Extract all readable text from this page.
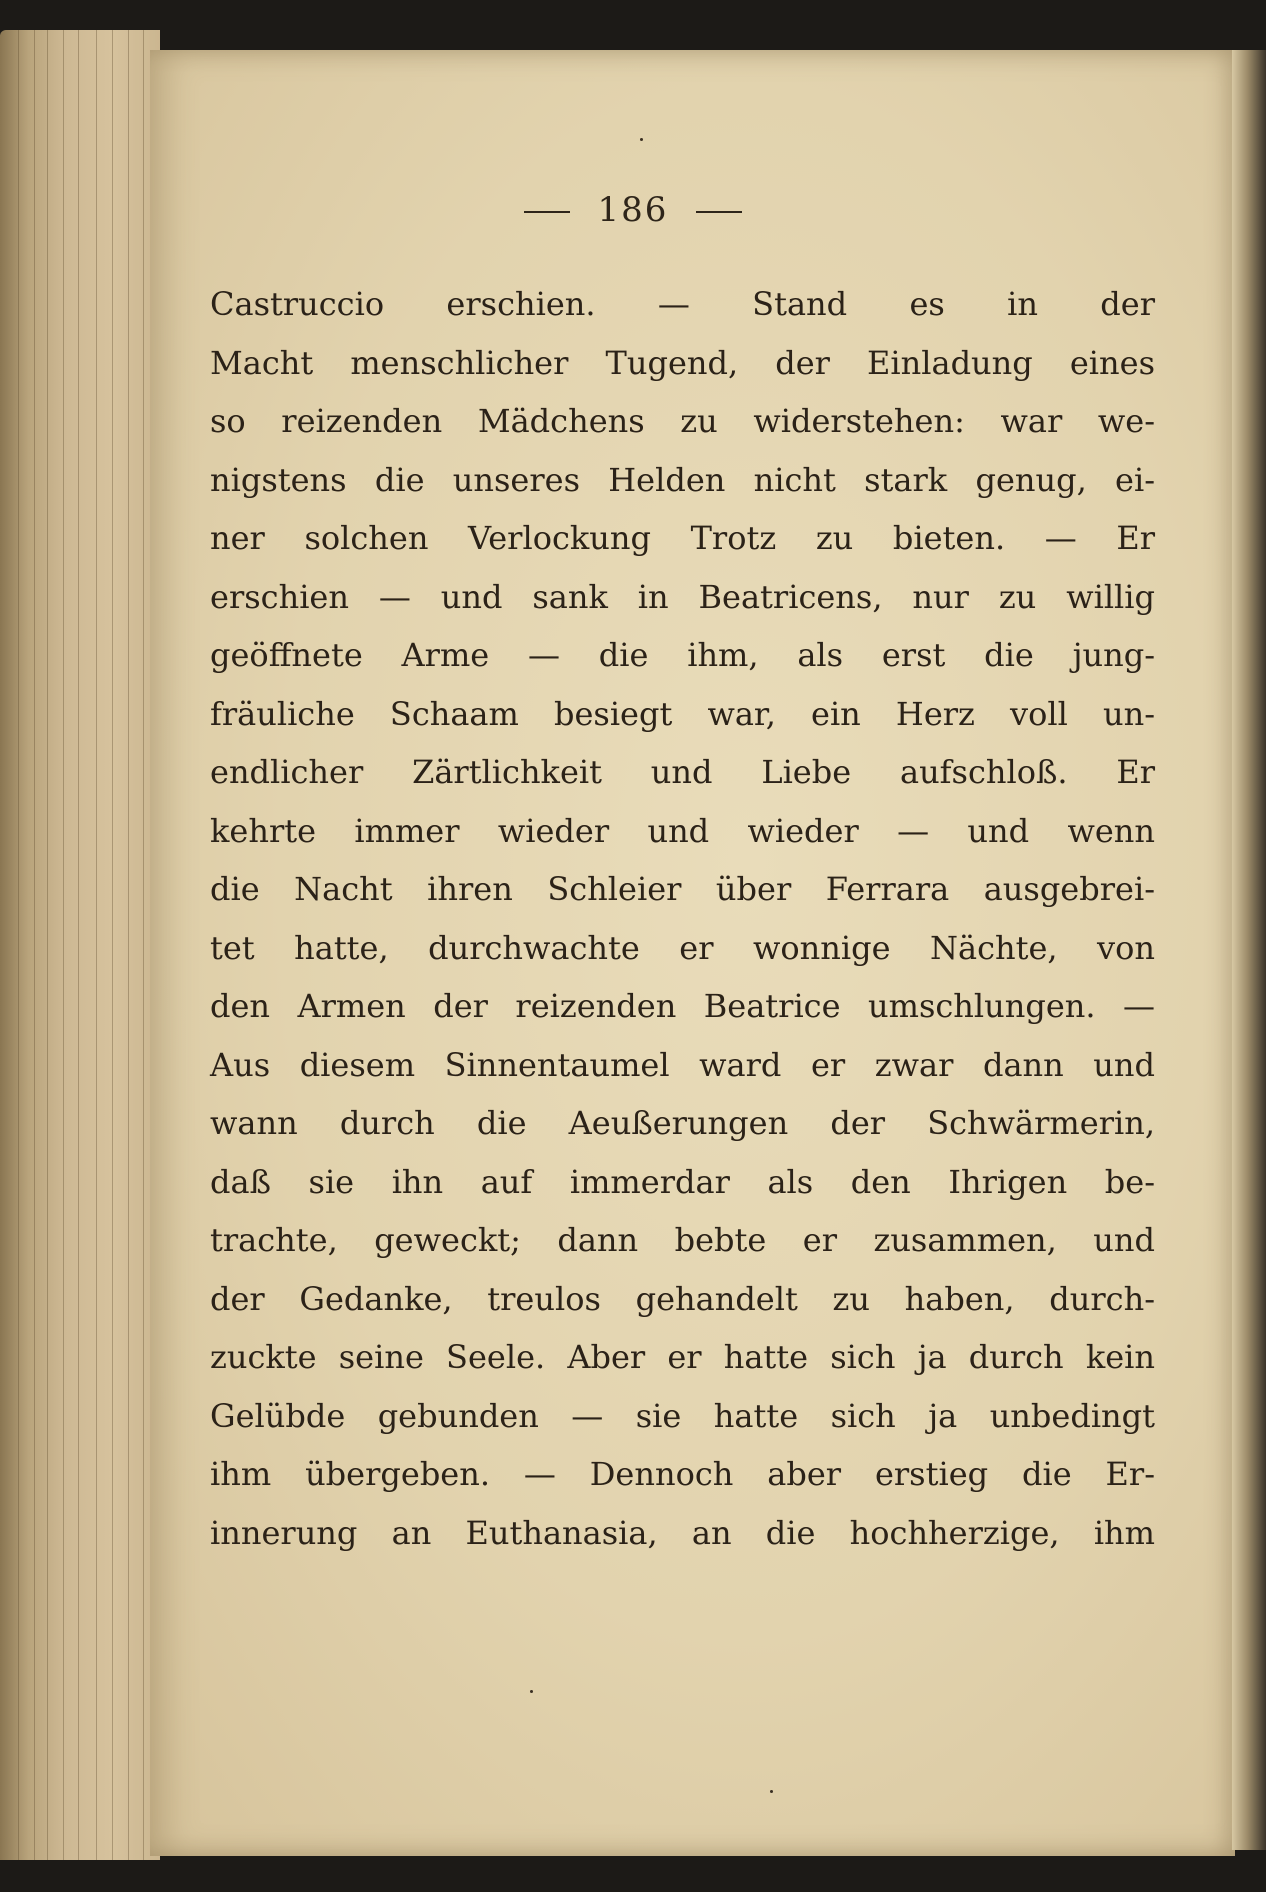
186
Castruccio erschien. — Stand es in der
Macht menschlicher Tugend, der Einladung eines
so reizenden Mädchens zu widerstehen: war we-
nigstens die unseres Helden nicht stark genug, ei-
ner solchen Verlockung Trotz zu bieten. — Er
erschien — und sank in Beatricens, nur zu willig
geöffnete Arme — die ihm, als erst die jung-
fräuliche Schaam besiegt war, ein Herz voll un-
endlicher Zärtlichkeit und Liebe aufschloß. Er
kehrte immer wieder und wieder — und wenn
die Nacht ihren Schleier über Ferrara ausgebrei-
tet hatte, durchwachte er wonnige Nächte, von
den Armen der reizenden Beatrice umschlungen. —
Aus diesem Sinnentaumel ward er zwar dann und
wann durch die Aeußerungen der Schwärmerin,
daß sie ihn auf immerdar als den Ihrigen be-
trachte, geweckt; dann bebte er zusammen, und
der Gedanke, treulos gehandelt zu haben, durch-
zuckte seine Seele. Aber er hatte sich ja durch kein
Gelübde gebunden — sie hatte sich ja unbedingt
ihm übergeben. — Dennoch aber erstieg die Er-
innerung an Euthanasia, an die hochherzige, ihm
